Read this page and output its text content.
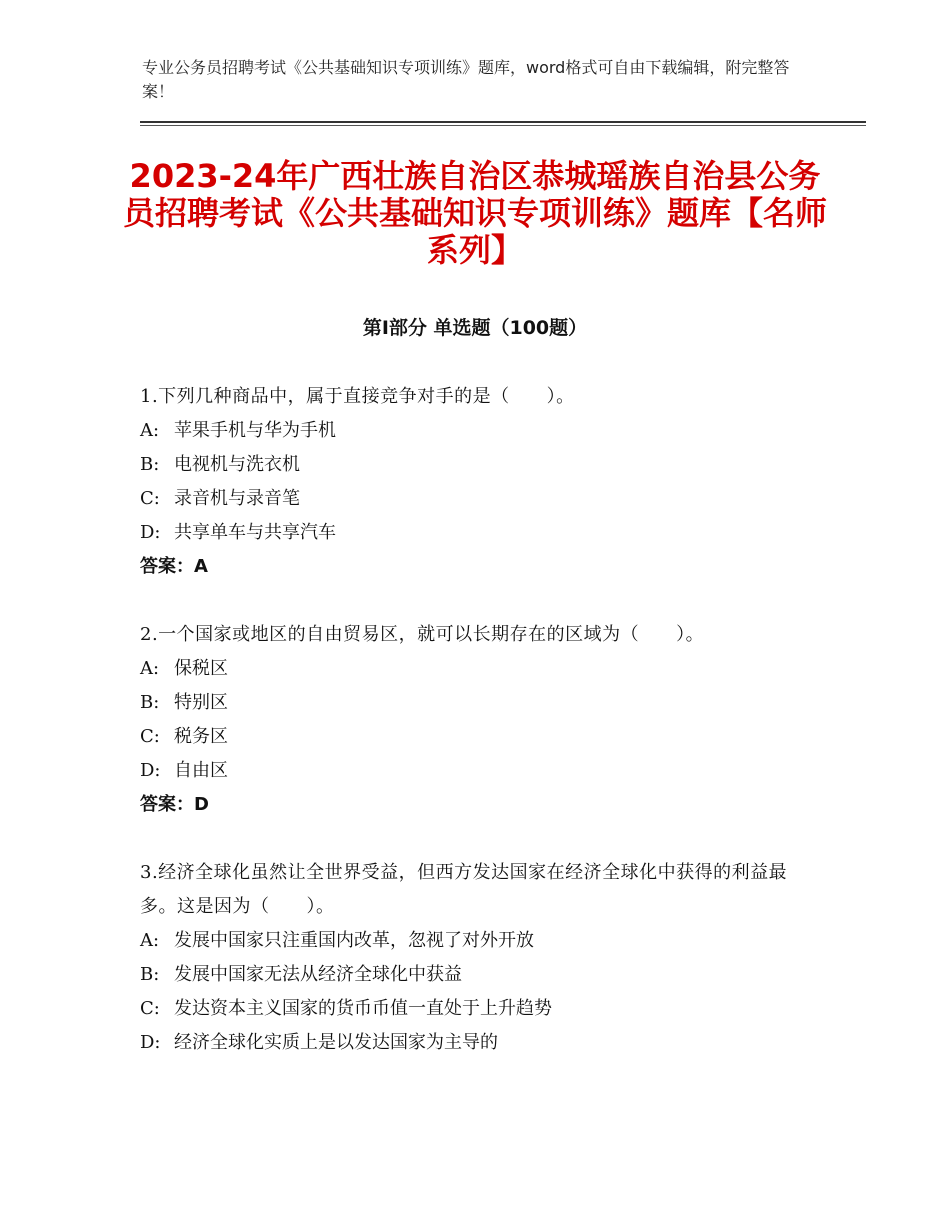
专业公务员招聘考试《公共基础知识专项训练》题库，word格式可自由下载编辑，附完整答案！
2023-24年广西壮族自治区恭城瑶族自治县公务员招聘考试《公共基础知识专项训练》题库【名师系列】
第Ⅰ部分 单选题（100题）
1.下列几种商品中，属于直接竞争对手的是（　　）。
A: 苹果手机与华为手机
B: 电视机与洗衣机
C: 录音机与录音笔
D: 共享单车与共享汽车
答案：A
2.一个国家或地区的自由贸易区，就可以长期存在的区域为（　　）。
A: 保税区
B: 特别区
C: 税务区
D: 自由区
答案：D
3.经济全球化虽然让全世界受益，但西方发达国家在经济全球化中获得的利益最多。这是因为（　　）。
A: 发展中国家只注重国内改革，忽视了对外开放
B: 发展中国家无法从经济全球化中获益
C: 发达资本主义国家的货币币值一直处于上升趋势
D: 经济全球化实质上是以发达国家为主导的
